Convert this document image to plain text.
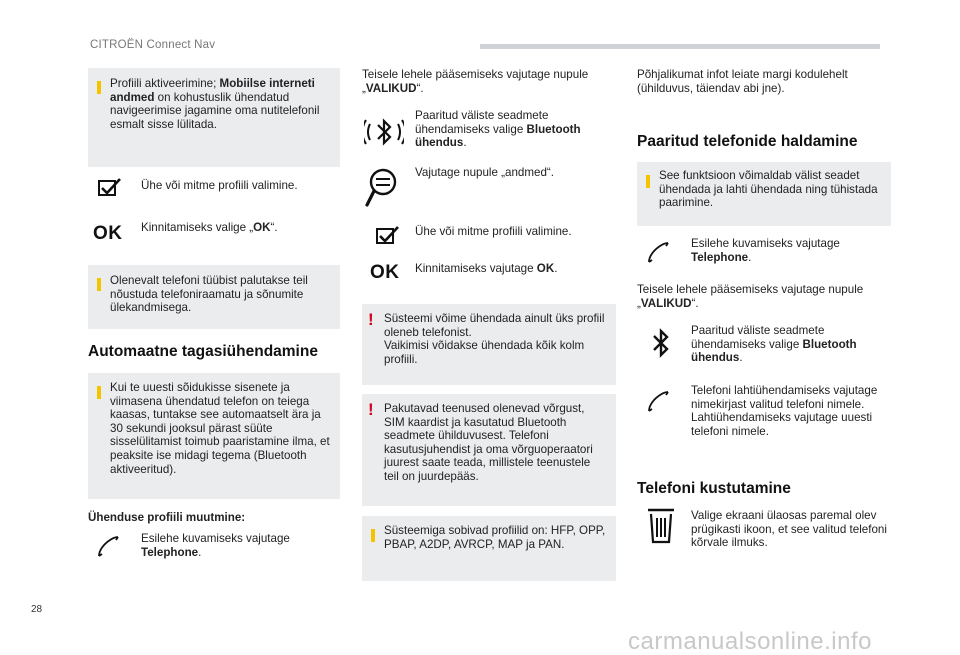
CITROËN Connect Nav
Profiili aktiveerimine; Mobiilse interneti andmed on kohustuslik ühendatud navigeerimise jagamine oma nutitelefonil esmalt sisse lülitada.
Ühe või mitme profiili valimine.
OK Kinnitamiseks valige „OK“.
Olenevalt telefoni tüübist palutakse teil nõustuda telefoniraamatu ja sõnumite ülekandmisega.
Automaatne tagasiühendamine
Kui te uuesti sõidukisse sisenete ja viimasena ühendatud telefon on teiega kaasas, tuntakse see automaatselt ära ja 30 sekundi jooksul pärast süüte sisselülitamist toimub paaristamine ilma, et peaksite ise midagi tegema (Bluetooth aktiveeritud).
Ühenduse profiili muutmine:
Esilehe kuvamiseks vajutage
Telephone.
Teisele lehele pääsemiseks vajutage nupule „VALIKUD“.
Paaritud väliste seadmete ühendamiseks valige Bluetooth ühendus.
Vajutage nupule „andmed“.
Ühe või mitme profiili valimine.
OK Kinnitamiseks vajutage OK.
! Süsteemi võime ühendada ainult üks profiil oleneb telefonist.
Vaikimisi võidakse ühendada kõik kolm profiili.
! Pakutavad teenused olenevad võrgust, SIM kaardist ja kasutatud Bluetooth seadmete ühilduvusest. Telefoni kasutusjuhendist ja oma võrguoperaatori juurest saate teada, millistele teenustele teil on juurdepääs.
Süsteemiga sobivad profiilid on: HFP, OPP, PBAP, A2DP, AVRCP, MAP ja PAN.
Põhjalikumat infot leiate margi kodulehelt (ühilduvus, täiendav abi jne).
Paaritud telefonide haldamine
See funktsioon võimaldab välist seadet ühendada ja lahti ühendada ning tühistada paarimine.
Esilehe kuvamiseks vajutage
Telephone.
Teisele lehele pääsemiseks vajutage nupule „VALIKUD“.
Paaritud väliste seadmete ühendamiseks valige Bluetooth ühendus.
Telefoni lahtiühendamiseks vajutage nimekirjast valitud telefoni nimele. Lahtiühendamiseks vajutage uuesti telefoni nimele.
Telefoni kustutamine
Valige ekraani ülaosas paremal olev prügikasti ikoon, et see valitud telefoni kõrvale ilmuks.
28
carmanualsonline.info
